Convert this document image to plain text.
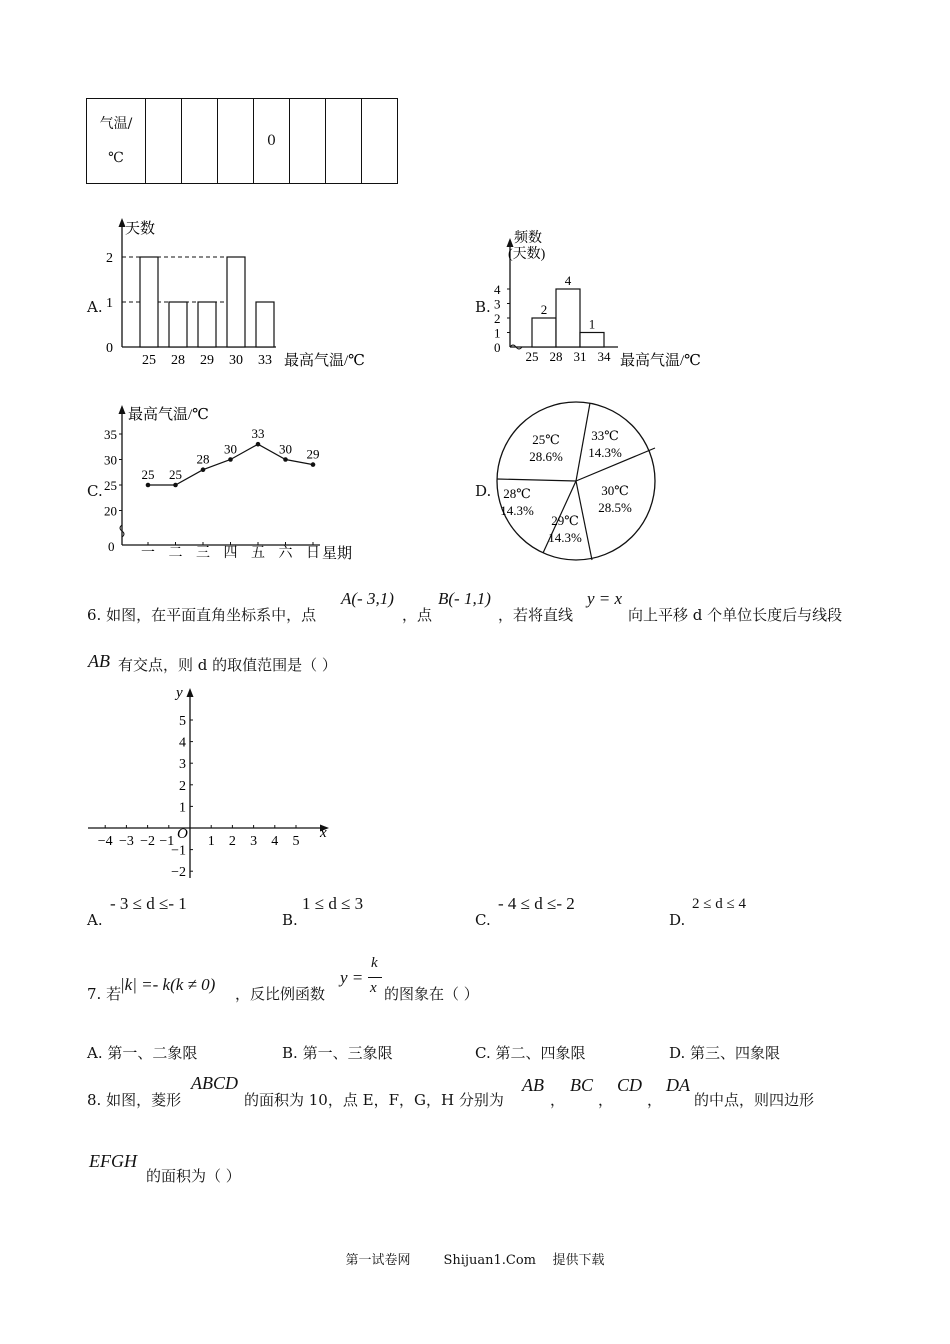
气温/
℃				0			
A.
天数
最高气温/℃
2
1
0
25 28 29 30 33
B.
频数
(天数)
最高气温/℃
4
3
2
1
0
2
4
1
25 28 31 34
C.
最高气温/℃
星期
35
30
25
20
0
25
一
25
二
28
三
30
四
33
五
30
六
29
日
D.
25℃
28.6%
33℃
14.3%
30℃
28.5%
29℃
14.3%
28℃
14.3%
6. 如图，在平面直角坐标系中，点
A(- 3,1)
，点
B(- 1,1)
，若将直线
y = x
向上平移 d 个单位长度后与线段
AB 有交点，则 d 的取值范围是（ ）
x
y
O
−4 −3 −2 −1 1 2 3 4 5
5
4
3
2
1
−1
−2
A.
- 3 ≤ d ≤- 1
B.
1 ≤ d ≤ 3
C.
- 4 ≤ d ≤- 2
D.
2 ≤ d ≤ 4
7. 若
|k| =- k(k ≠ 0) ，反比例函数
y =
k
x 的图象在（ ）
A. 第一、二象限	B. 第一、三象限	C. 第二、四象限	D. 第三、四象限
8. 如图，菱形
ABCD
的面积为 10，点 E，F，G，H 分别为
AB
，
BC
，
CD
，
DA
的中点，则四边形
EFGH
的面积为（ ）
第一试卷网        Shijuan1.Com    提供下载
